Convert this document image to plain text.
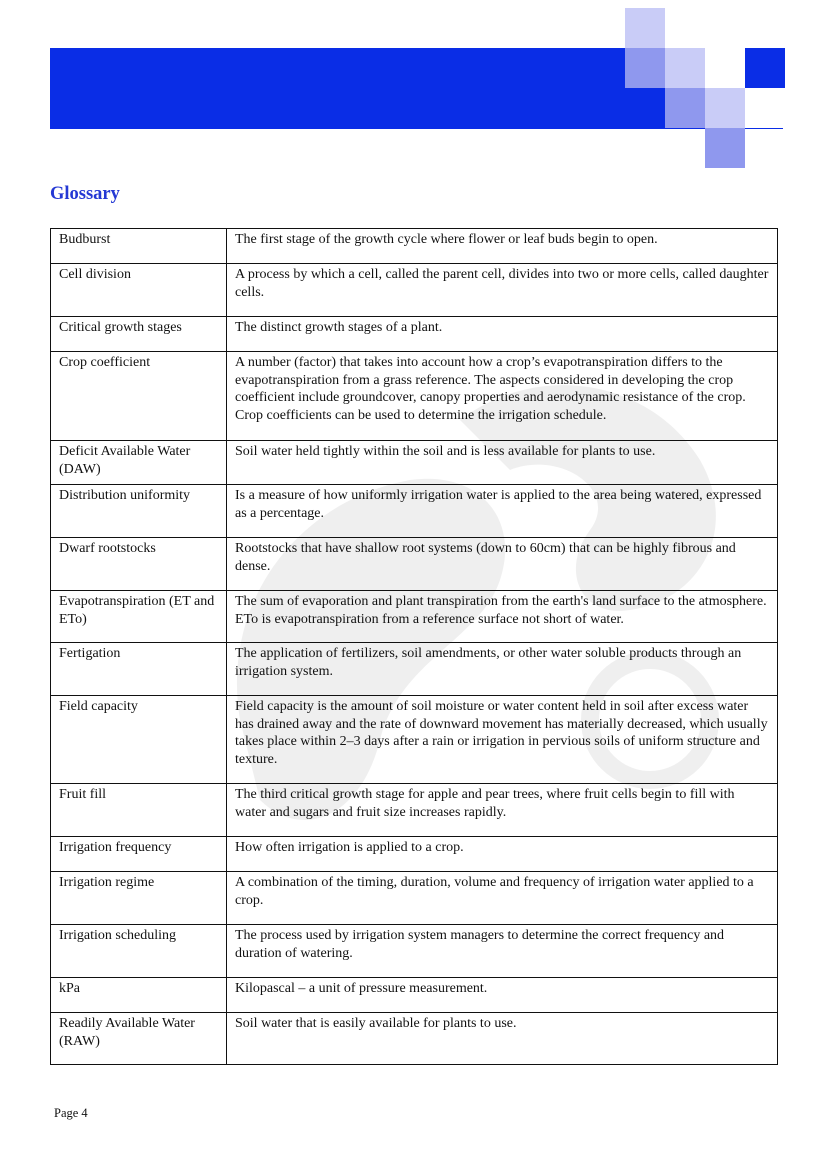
Glossary
Budburst	The first stage of the growth cycle where flower or leaf buds begin to open.
Cell division	A process by which a cell, called the parent cell, divides into two or more cells, called daughter cells.
Critical growth stages	The distinct growth stages of a plant.
Crop coefficient	A number (factor) that takes into account how a crop’s evapotranspiration differs to the evapotranspiration from a grass reference. The aspects considered in developing the crop coefficient include groundcover, canopy properties and aerodynamic resistance of the crop. Crop coefficients can be used to determine the irrigation schedule.
Deficit Available Water (DAW)	Soil water held tightly within the soil and is less available for plants to use.
Distribution uniformity	Is a measure of how uniformly irrigation water is applied to the area being watered, expressed as a percentage.
Dwarf rootstocks	Rootstocks that have shallow root systems (down to 60cm) that can be highly fibrous and dense.
Evapotranspiration (ET and ETo)	The sum of evaporation and plant transpiration from the earth's land surface to the atmosphere. ETo is evapotranspiration from a reference surface not short of water.
Fertigation	The application of fertilizers, soil amendments, or other water soluble products through an irrigation system.
Field capacity	Field capacity is the amount of soil moisture or water content held in soil after excess water has drained away and the rate of downward movement has materially decreased, which usually takes place within 2–3 days after a rain or irrigation in pervious soils of uniform structure and texture.
Fruit fill	The third critical growth stage for apple and pear trees, where fruit cells begin to fill with water and sugars and fruit size increases rapidly.
Irrigation frequency	How often irrigation is applied to a crop.
Irrigation regime	A combination of the timing, duration, volume and frequency of irrigation water applied to a crop.
Irrigation scheduling	The process used by irrigation system managers to determine the correct frequency and duration of watering.
kPa	Kilopascal – a unit of pressure measurement.
Readily Available Water (RAW)	Soil water that is easily available for plants to use.
Page 4
